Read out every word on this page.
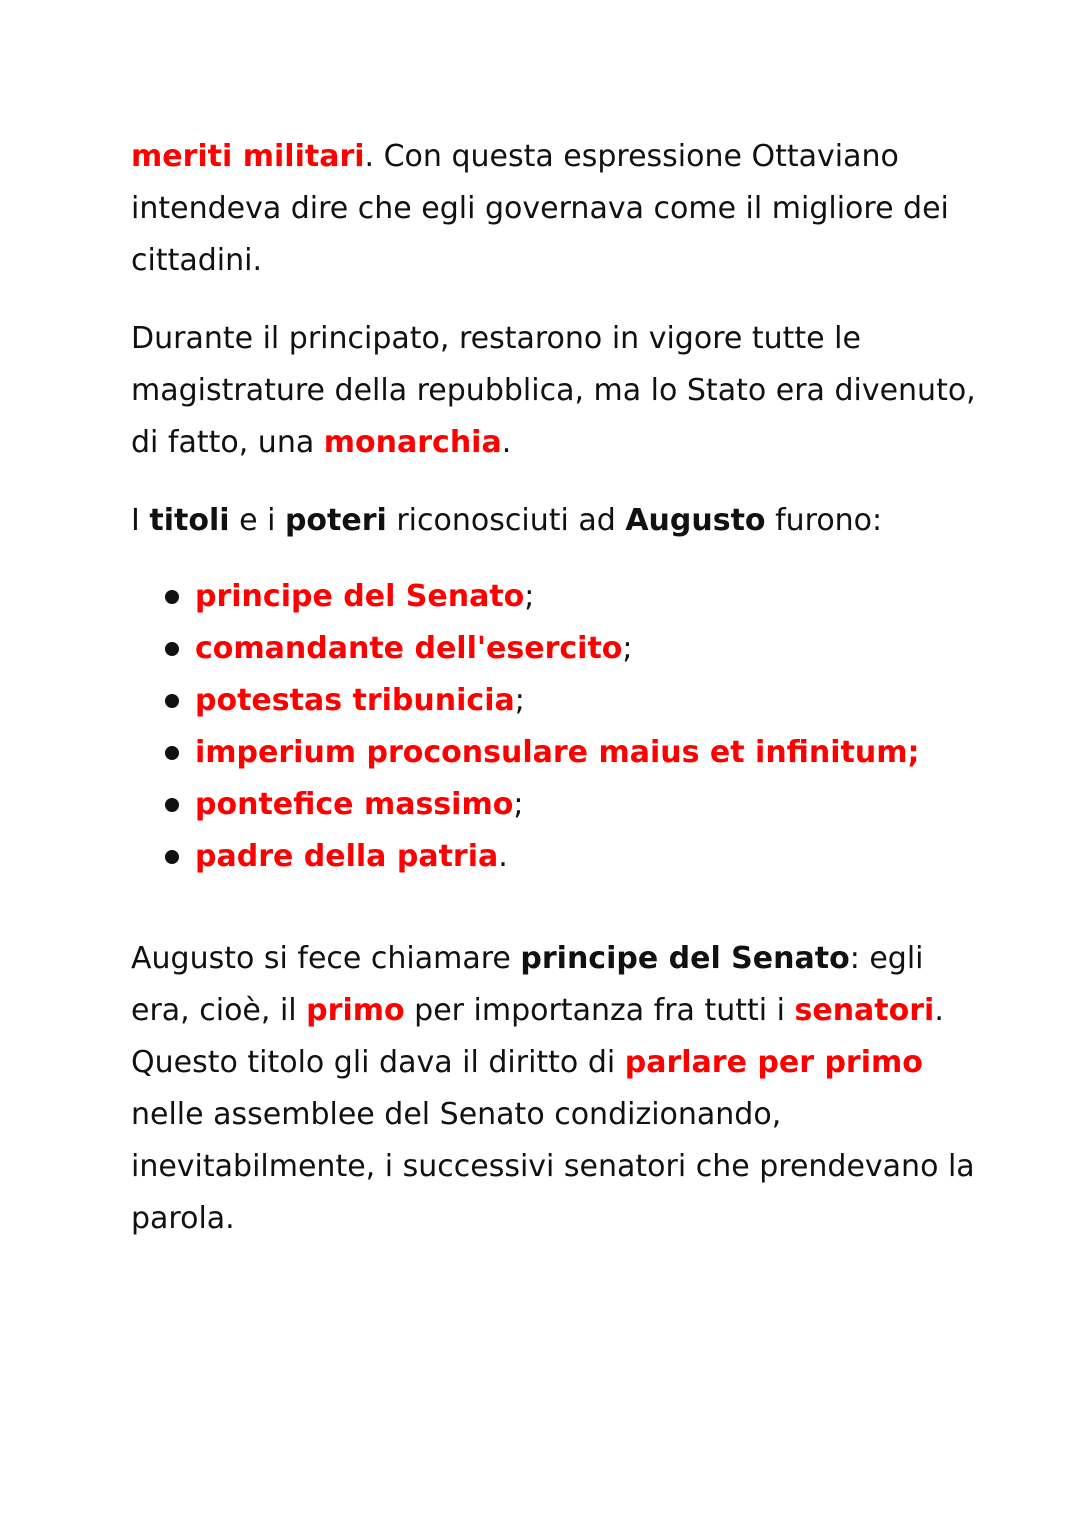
meriti militari. Con questa espressione Ottaviano intendeva dire che egli governava come il migliore dei cittadini.

Durante il principato, restarono in vigore tutte le magistrature della repubblica, ma lo Stato era divenuto, di fatto, una monarchia.

I titoli e i poteri riconosciuti ad Augusto furono:

principe del Senato;
comandante dell'esercito;
potestas tribunicia;
imperium proconsulare maius et infinitum;
pontefice massimo;
padre della patria.

Augusto si fece chiamare principe del Senato: egli era, cioè, il primo per importanza fra tutti i senatori. Questo titolo gli dava il diritto di parlare per primo nelle assemblee del Senato condizionando, inevitabilmente, i successivi senatori che prendevano la parola.
